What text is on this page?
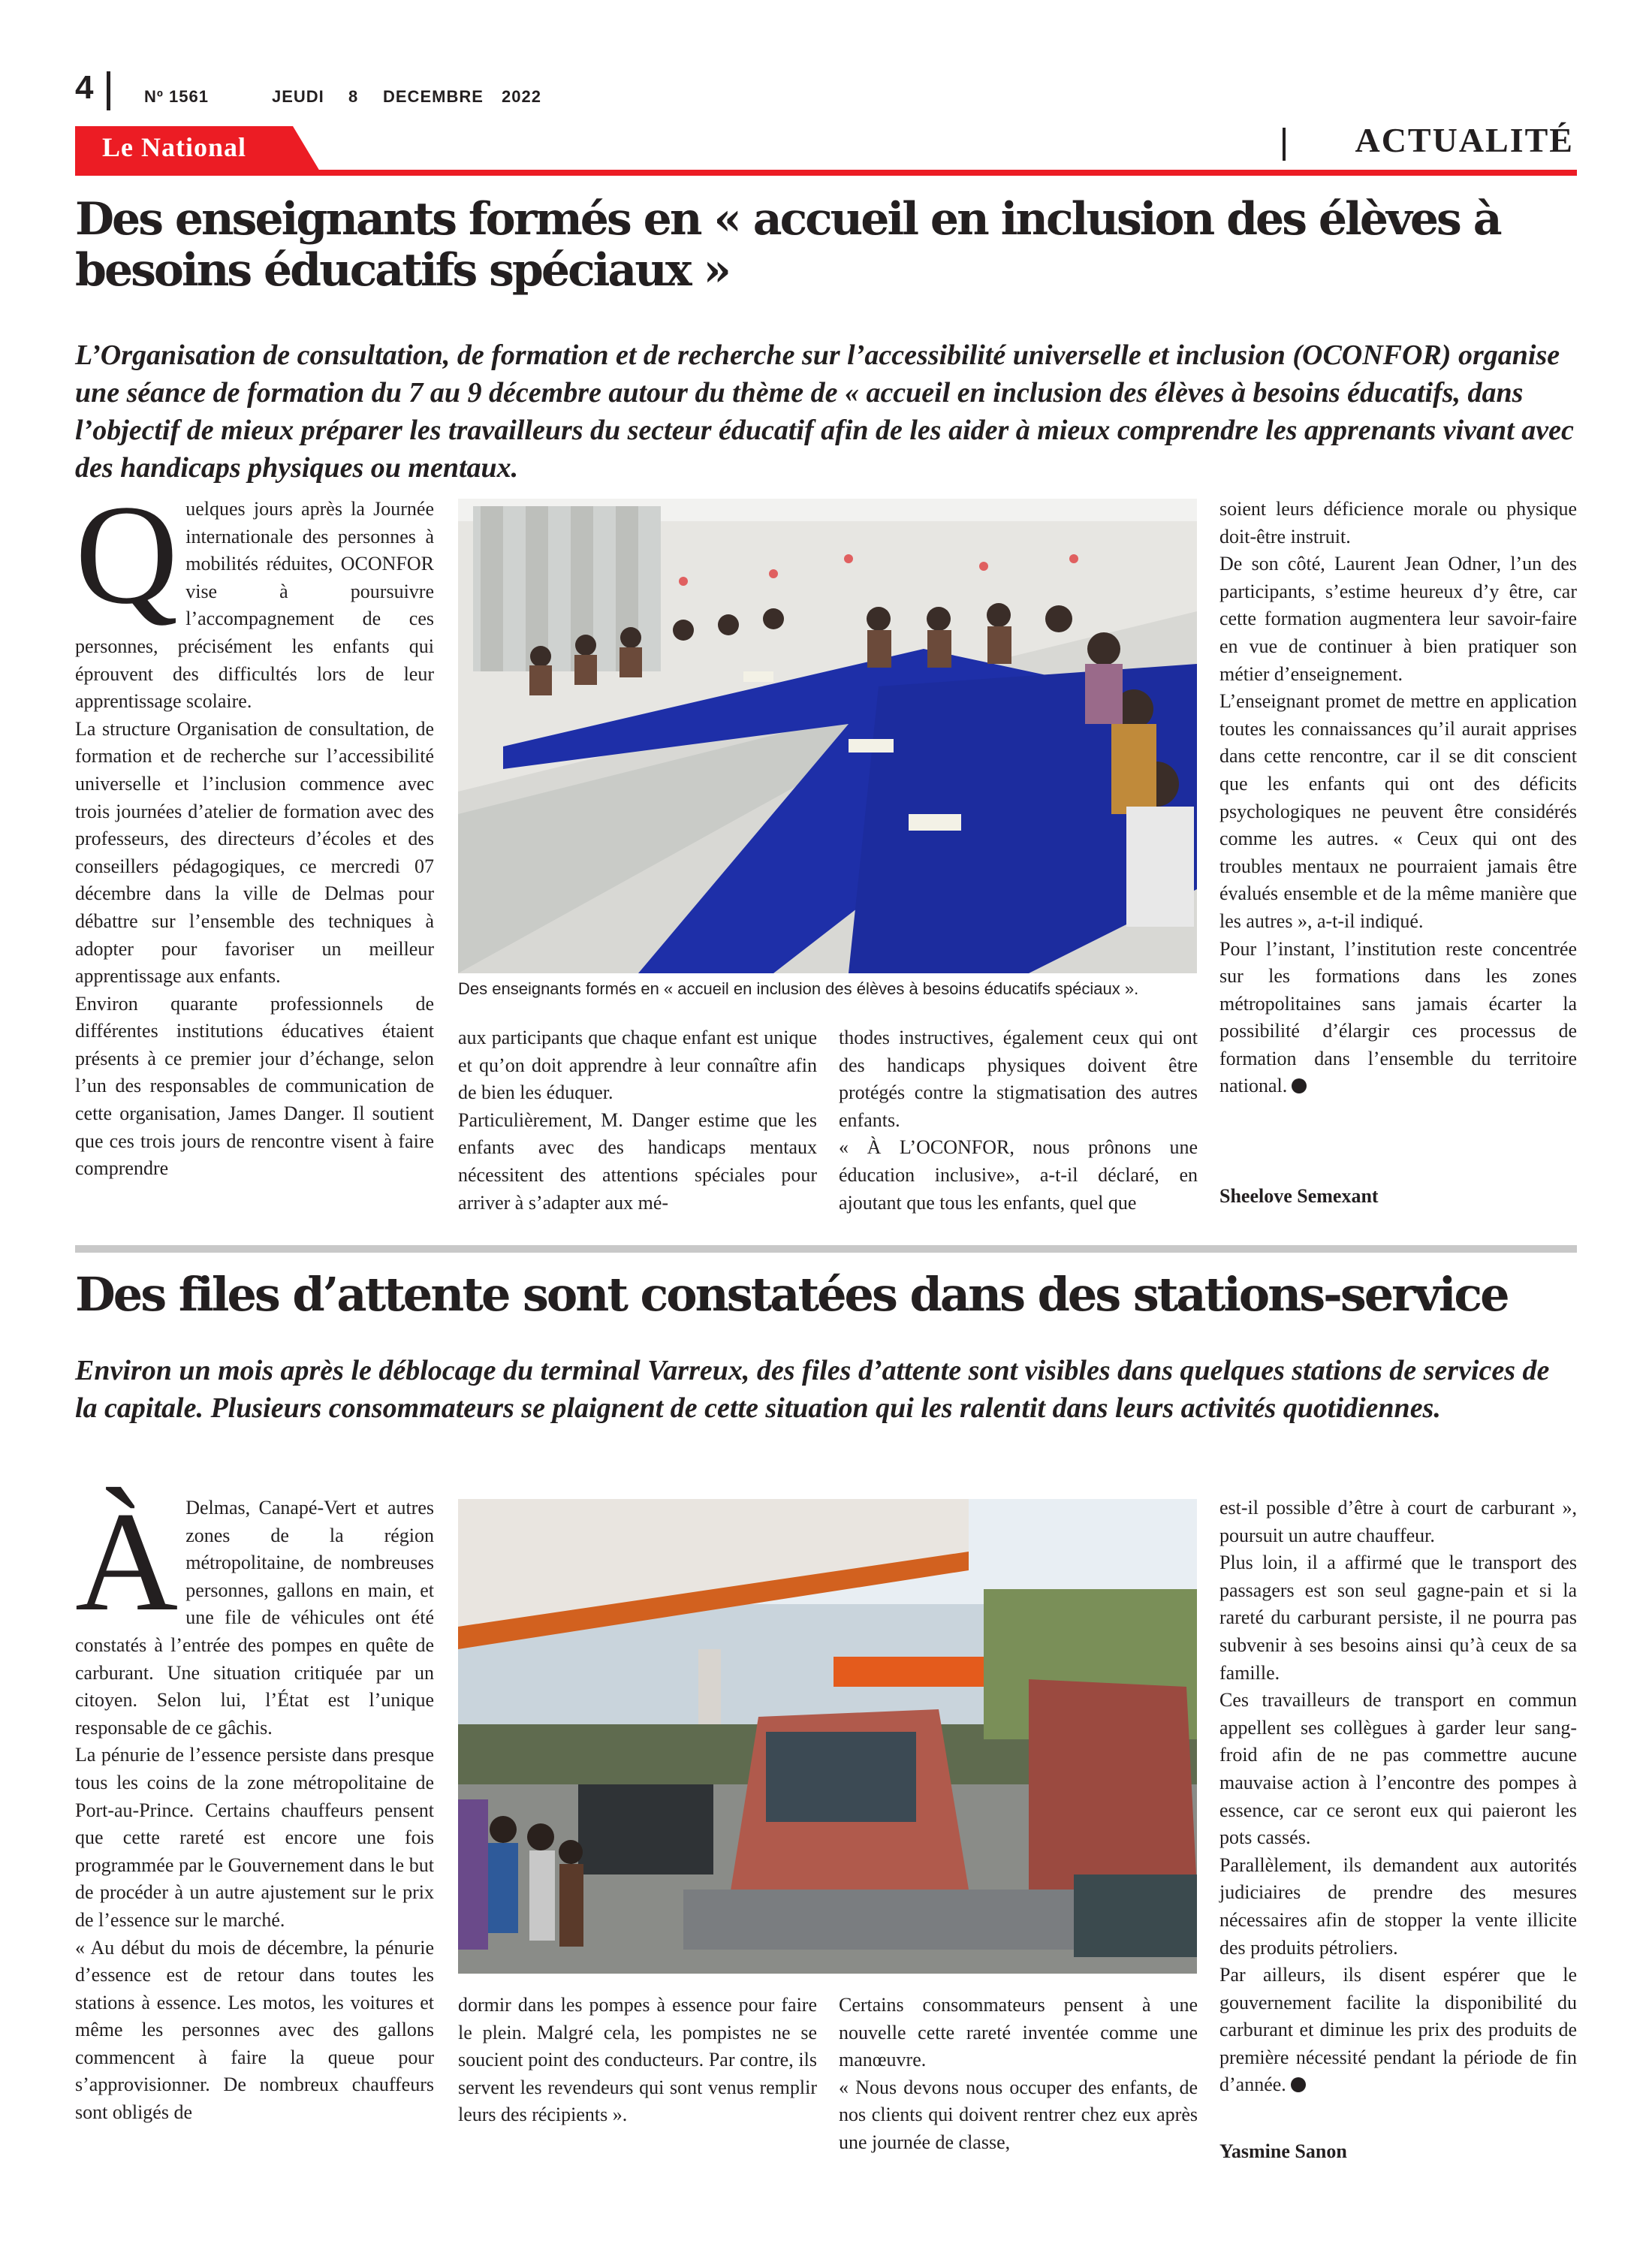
4	Nº 1561	JEUDI 8 DECEMBRE 2022
Le National	ACTUALITÉ
Des enseignants formés en « accueil en inclusion des élèves à
besoins éducatifs spéciaux »
L’Organisation de consultation, de formation et de recherche sur l’accessibilité universelle et inclusion (OCONFOR) organise une séance de formation du 7 au 9 décembre autour du thème de « accueil en inclusion des élèves à besoins éducatifs, dans l’objectif de mieux préparer les travailleurs du secteur éducatif afin de les aider à mieux comprendre les apprenants vivant avec des handicaps physiques ou mentaux.
Q uelques jours après la Journée internationale des personnes à mobilités réduites, OCONFOR vise à poursuivre l’accompagnement de ces personnes, précisément les enfants qui éprouvent des difficultés lors de leur apprentissage scolaire.

La structure Organisation de consultation, de formation et de recherche sur l’accessibilité universelle et l’inclusion commence avec trois journées d’atelier de formation avec des professeurs, des directeurs d’écoles et des conseillers pédagogiques, ce mercredi 07 décembre dans la ville de Delmas pour débattre sur l’ensemble des techniques à adopter pour favoriser un meilleur apprentissage aux enfants.

Environ quarante professionnels de différentes institutions éducatives étaient présents à ce premier jour d’échange, selon l’un des responsables de communication de cette organisation, James Danger. Il soutient que ces trois jours de rencontre visent à faire comprendre

Des enseignants formés en « accueil en inclusion des élèves à besoins éducatifs spéciaux ».

aux participants que chaque enfant est unique et qu’on doit apprendre à leur connaître afin de bien les éduquer.

Particulièrement, M. Danger estime que les enfants avec des handicaps mentaux nécessitent des attentions spéciales pour arriver à s’adapter aux mé-

thodes instructives, également ceux qui ont des handicaps physiques doivent être protégés contre la stigmatisation des autres enfants.

« À L’OCONFOR, nous prônons une éducation inclusive», a-t-il déclaré, en ajoutant que tous les enfants, quel que

soient leurs déficience morale ou physique doit-être instruit.

De son côté, Laurent Jean Odner, l’un des participants, s’estime heureux d’y être, car cette formation augmentera leur savoir-faire en vue de continuer à bien pratiquer son métier d’enseignement.

L’enseignant promet de mettre en application toutes les connaissances qu’il aurait apprises dans cette rencontre, car il se dit conscient que les enfants qui ont des déficits psychologiques ne peuvent être considérés comme les autres. « Ceux qui ont des troubles mentaux ne pourraient jamais être évalués ensemble et de la même manière que les autres », a-t-il indiqué.

Pour l’instant, l’institution reste concentrée sur les formations dans les zones métropolitaines sans jamais écarter la possibilité d’élargir ces processus de formation dans l’ensemble du territoire national.

Sheelove Semexant
Des files d’attente sont constatées dans des stations-service
Environ un mois après le déblocage du terminal Varreux, des files d’attente sont visibles dans quelques stations de services de la capitale. Plusieurs consommateurs se plaignent de cette situation qui les ralentit dans leurs activités quotidiennes.
À Delmas, Canapé-Vert et autres zones de la région métropolitaine, de nombreuses personnes, gallons en main, et une file de véhicules ont été constatés à l’entrée des pompes en quête de carburant. Une situation critiquée par un citoyen. Selon lui, l’État est l’unique responsable de ce gâchis.

La pénurie de l’essence persiste dans presque tous les coins de la zone métropolitaine de Port-au-Prince. Certains chauffeurs pensent que cette rareté est encore une fois programmée par le Gouvernement dans le but de procéder à un autre ajustement sur le prix de l’essence sur le marché.

« Au début du mois de décembre, la pénurie d’essence est de retour dans toutes les stations à essence. Les motos, les voitures et même les personnes avec des gallons commencent à faire la queue pour s’approvisionner. De nombreux chauffeurs sont obligés de

dormir dans les pompes à essence pour faire le plein. Malgré cela, les pompistes ne se soucient point des conducteurs. Par contre, ils servent les revendeurs qui sont venus remplir leurs des récipients ».

Certains consommateurs pensent à une nouvelle cette rareté inventée comme une manœuvre.

« Nous devons nous occuper des enfants, de nos clients qui doivent rentrer chez eux après une journée de classe,

est-il possible d’être à court de carburant », poursuit un autre chauffeur.

Plus loin, il a affirmé que le transport des passagers est son seul gagne-pain et si la rareté du carburant persiste, il ne pourra pas subvenir à ses besoins ainsi qu’à ceux de sa famille.

Ces travailleurs de transport en commun appellent ses collègues à garder leur sang-froid afin de ne pas commettre aucune mauvaise action à l’encontre des pompes à essence, car ce seront eux qui paieront les pots cassés.

Parallèlement, ils demandent aux autorités judiciaires de prendre des mesures nécessaires afin de stopper la vente illicite des produits pétroliers.

Par ailleurs, ils disent espérer que le gouvernement facilite la disponibilité du carburant et diminue les prix des produits de première nécessité pendant la période de fin d’année.

Yasmine Sanon
